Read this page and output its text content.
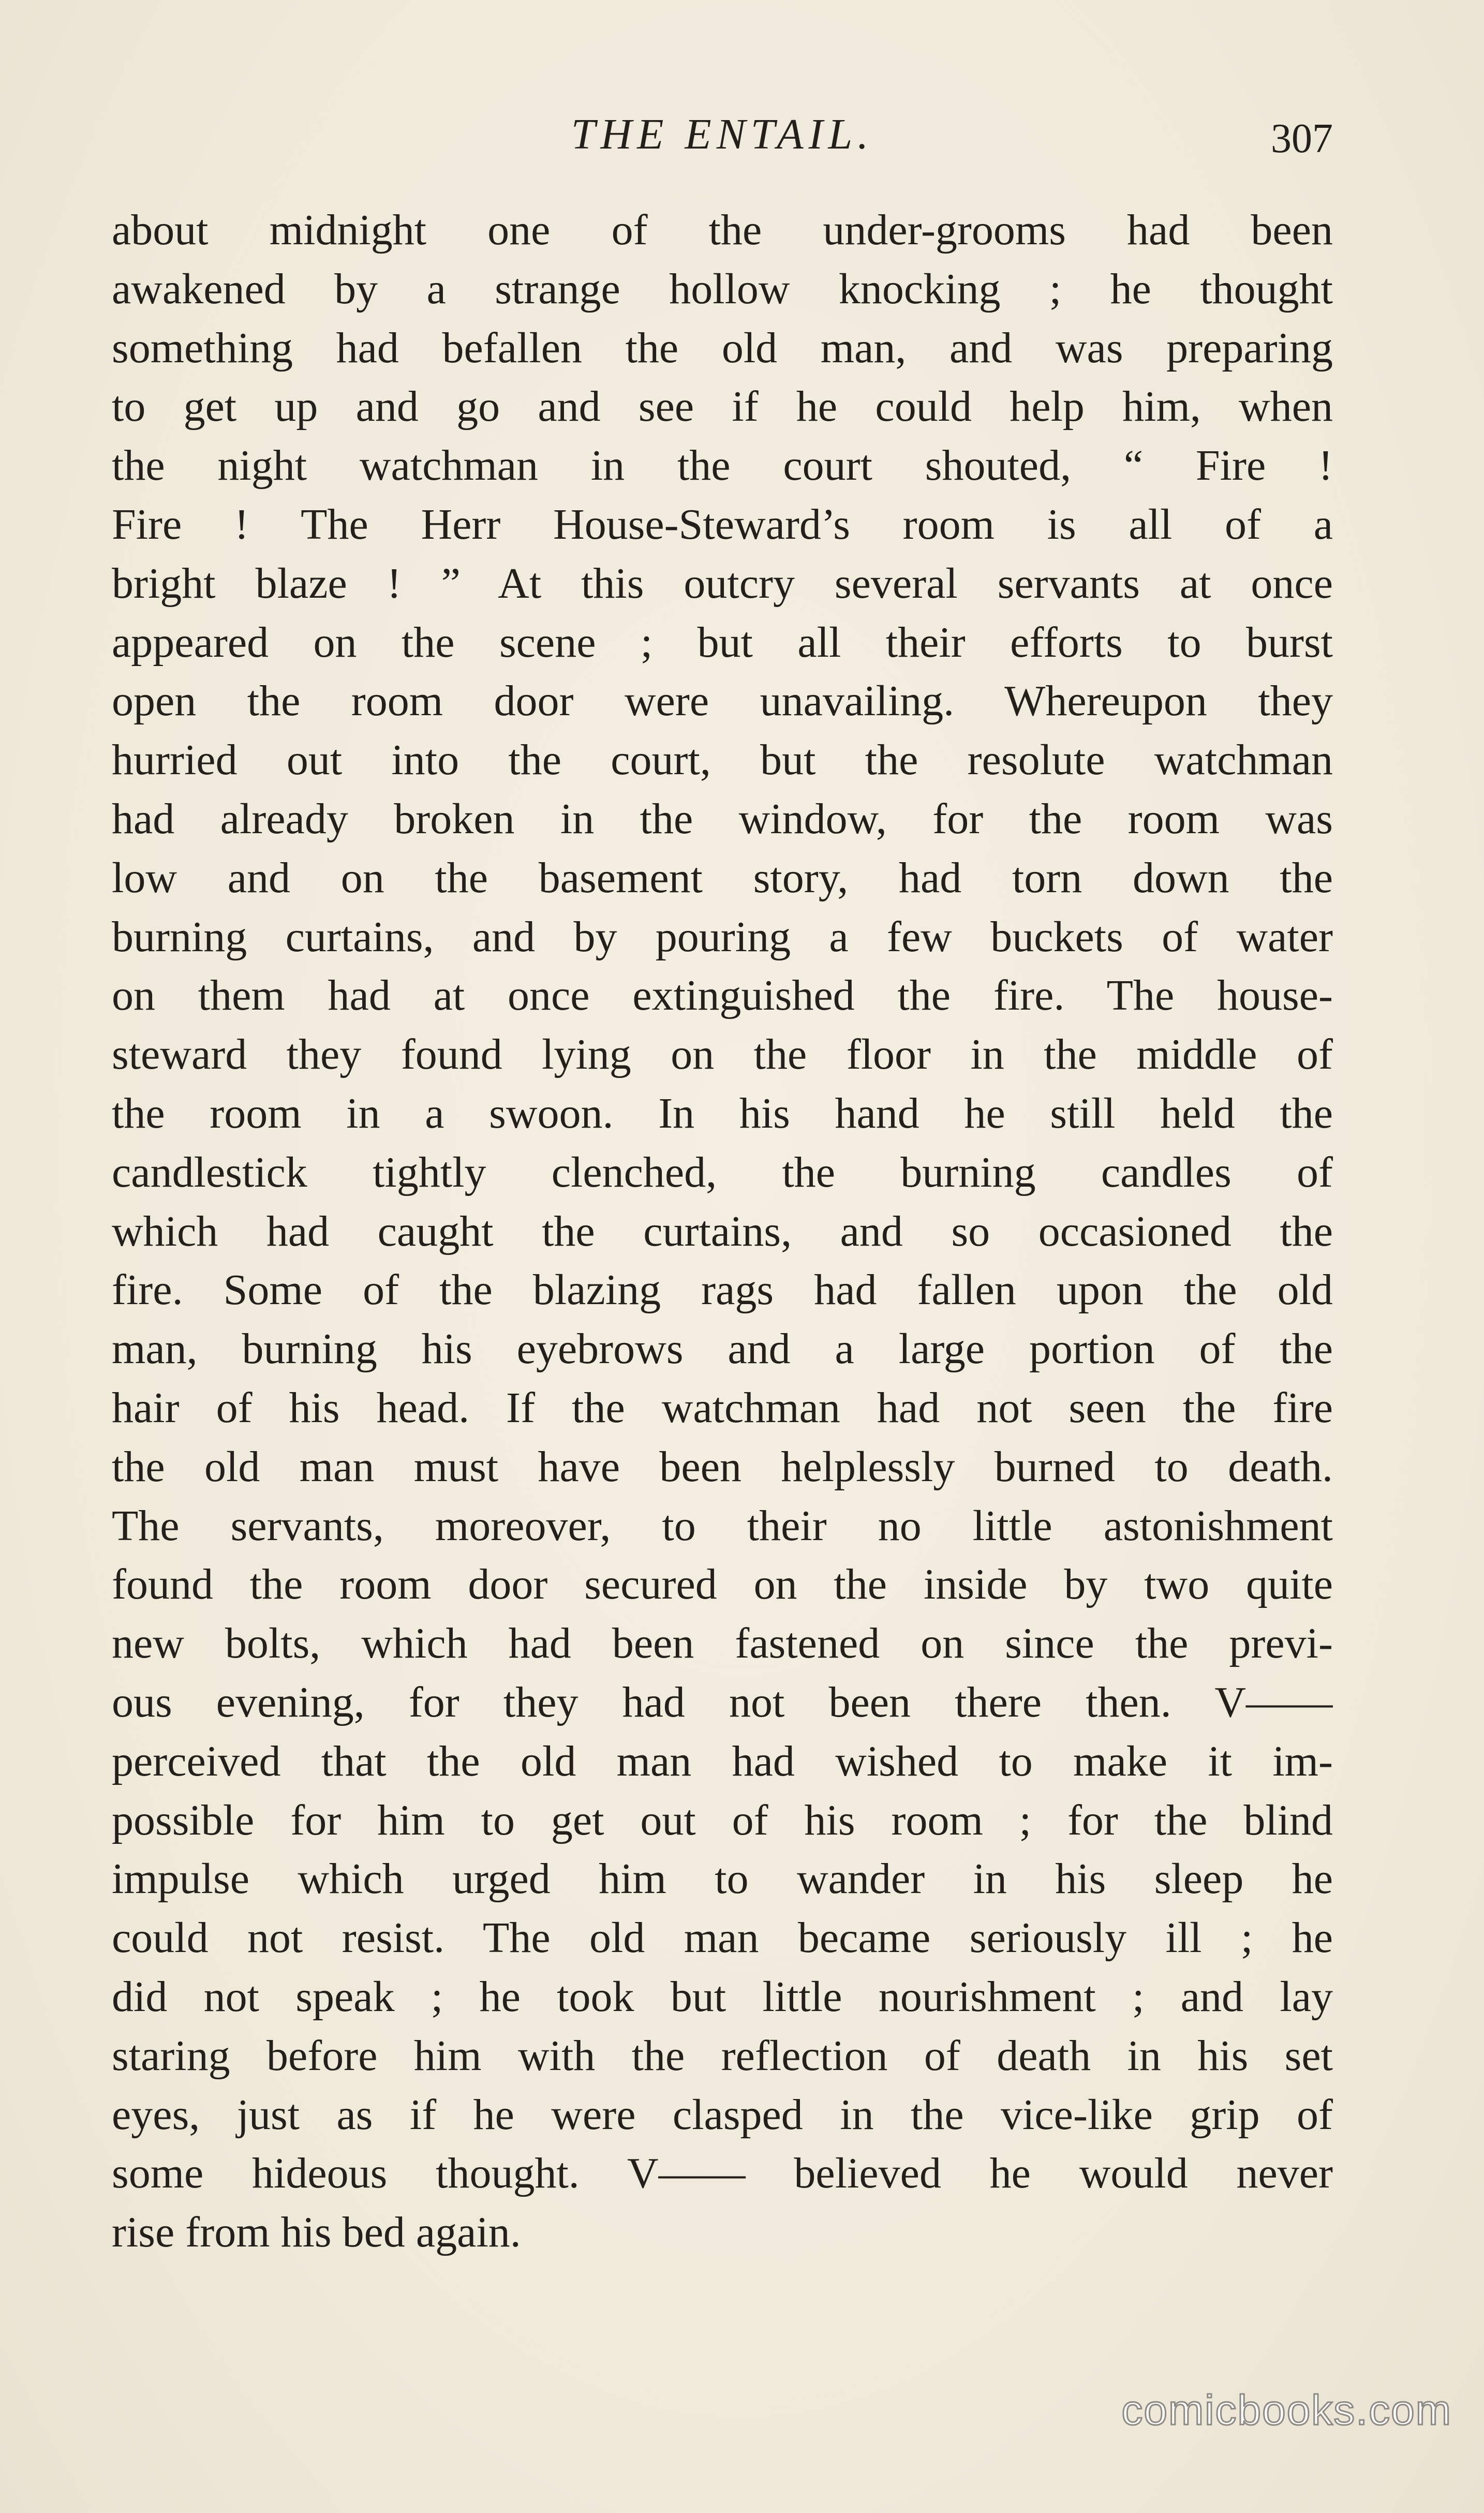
THE ENTAIL.	307
about midnight one of the under-grooms had been
awakened by a strange hollow knocking ; he thought
something had befallen the old man, and was preparing
to get up and go and see if he could help him, when
the night watchman in the court shouted, “ Fire !
Fire ! The Herr House-Steward’s room is all of a
bright blaze ! ” At this outcry several servants at once
appeared on the scene ; but all their efforts to burst
open the room door were unavailing. Whereupon they
hurried out into the court, but the resolute watchman
had already broken in the window, for the room was
low and on the basement story, had torn down the
burning curtains, and by pouring a few buckets of water
on them had at once extinguished the fire. The house-
steward they found lying on the floor in the middle of
the room in a swoon. In his hand he still held the
candlestick tightly clenched, the burning candles of
which had caught the curtains, and so occasioned the
fire. Some of the blazing rags had fallen upon the old
man, burning his eyebrows and a large portion of the
hair of his head. If the watchman had not seen the fire
the old man must have been helplessly burned to death.
The servants, moreover, to their no little astonishment
found the room door secured on the inside by two quite
new bolts, which had been fastened on since the previ-
ous evening, for they had not been there then. V——
perceived that the old man had wished to make it im-
possible for him to get out of his room ; for the blind
impulse which urged him to wander in his sleep he
could not resist. The old man became seriously ill ; he
did not speak ; he took but little nourishment ; and lay
staring before him with the reflection of death in his set
eyes, just as if he were clasped in the vice-like grip of
some hideous thought. V—— believed he would never
rise from his bed again.
comicbooks.com
